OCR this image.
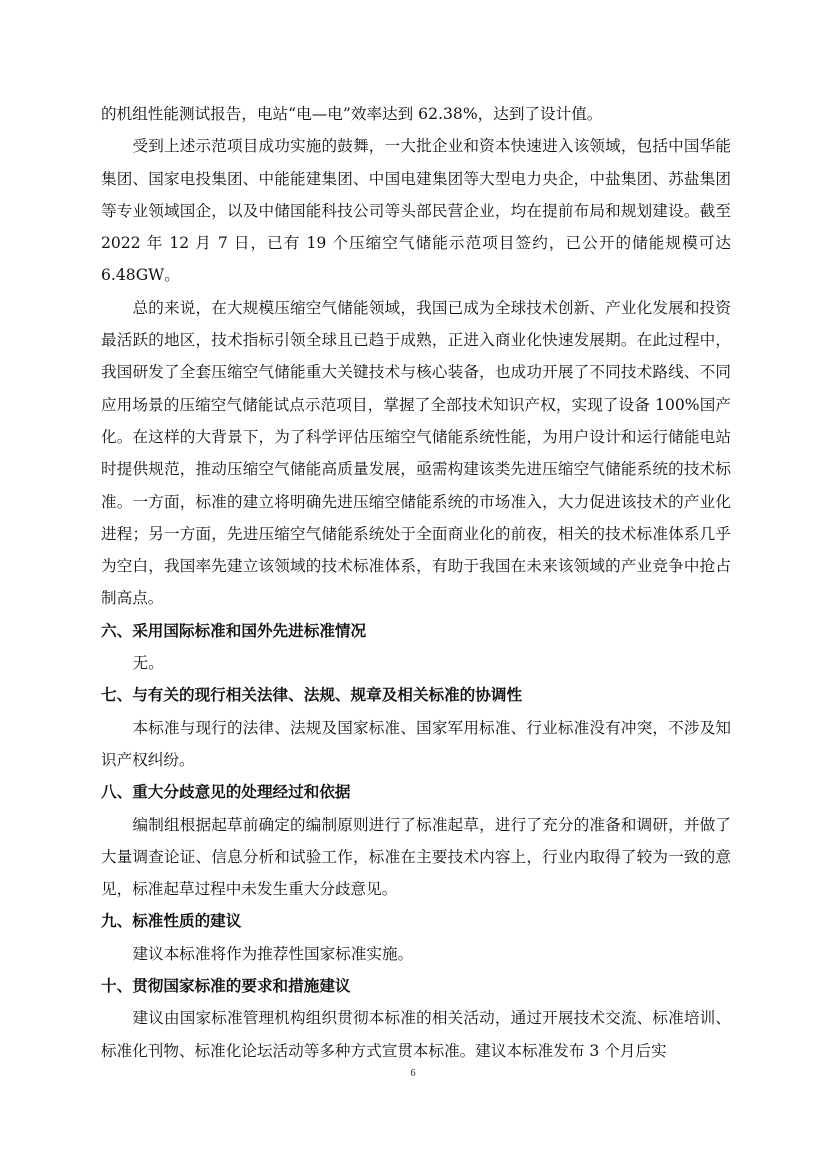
的机组性能测试报告，电站“电—电”效率达到 62.38%，达到了设计值。

受到上述示范项目成功实施的鼓舞，一大批企业和资本快速进入该领域，包括中国华能集团、国家电投集团、中能能建集团、中国电建集团等大型电力央企，中盐集团、苏盐集团等专业领域国企，以及中储国能科技公司等头部民营企业，均在提前布局和规划建设。截至 2022 年 12 月 7 日，已有 19 个压缩空气储能示范项目签约，已公开的储能规模可达 6.48GW。

总的来说，在大规模压缩空气储能领域，我国已成为全球技术创新、产业化发展和投资最活跃的地区，技术指标引领全球且已趋于成熟，正进入商业化快速发展期。在此过程中，我国研发了全套压缩空气储能重大关键技术与核心装备，也成功开展了不同技术路线、不同应用场景的压缩空气储能试点示范项目，掌握了全部技术知识产权，实现了设备 100%国产化。在这样的大背景下，为了科学评估压缩空气储能系统性能，为用户设计和运行储能电站时提供规范，推动压缩空气储能高质量发展，亟需构建该类先进压缩空气储能系统的技术标准。一方面，标准的建立将明确先进压缩空储能系统的市场准入，大力促进该技术的产业化进程；另一方面，先进压缩空气储能系统处于全面商业化的前夜，相关的技术标准体系几乎为空白，我国率先建立该领域的技术标准体系，有助于我国在未来该领域的产业竞争中抢占制高点。

六、采用国际标准和国外先进标准情况

无。

七、与有关的现行相关法律、法规、规章及相关标准的协调性

本标准与现行的法律、法规及国家标准、国家军用标准、行业标准没有冲突，不涉及知识产权纠纷。

八、重大分歧意见的处理经过和依据

编制组根据起草前确定的编制原则进行了标准起草，进行了充分的准备和调研，并做了大量调查论证、信息分析和试验工作，标准在主要技术内容上，行业内取得了较为一致的意见，标准起草过程中未发生重大分歧意见。

九、标准性质的建议

建议本标准将作为推荐性国家标准实施。

十、贯彻国家标准的要求和措施建议

建议由国家标准管理机构组织贯彻本标准的相关活动，通过开展技术交流、标准培训、标准化刊物、标准化论坛活动等多种方式宣贯本标准。建议本标准发布 3 个月后实

6
